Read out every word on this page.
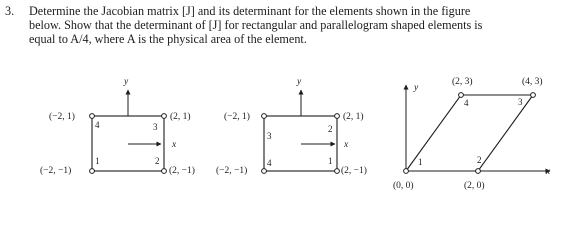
3. Determine the Jacobian matrix [J] and its determinant for the elements shown in the figure
below. Show that the determinant of [J] for rectangular and parallelogram shaped elements is
equal to A/4, where A is the physical area of the element.
y
x
(−2, −1)	(2, −1)
(2, 1)
(−2, 1)
1	2
3
4
y
x
(−2, −1)	(2, −1)
(2, 1)
(−2, 1)
4	1
2
3
y
x
(0, 0)	(2, 0)
(4, 3)
(2, 3)
1	2
3
4
